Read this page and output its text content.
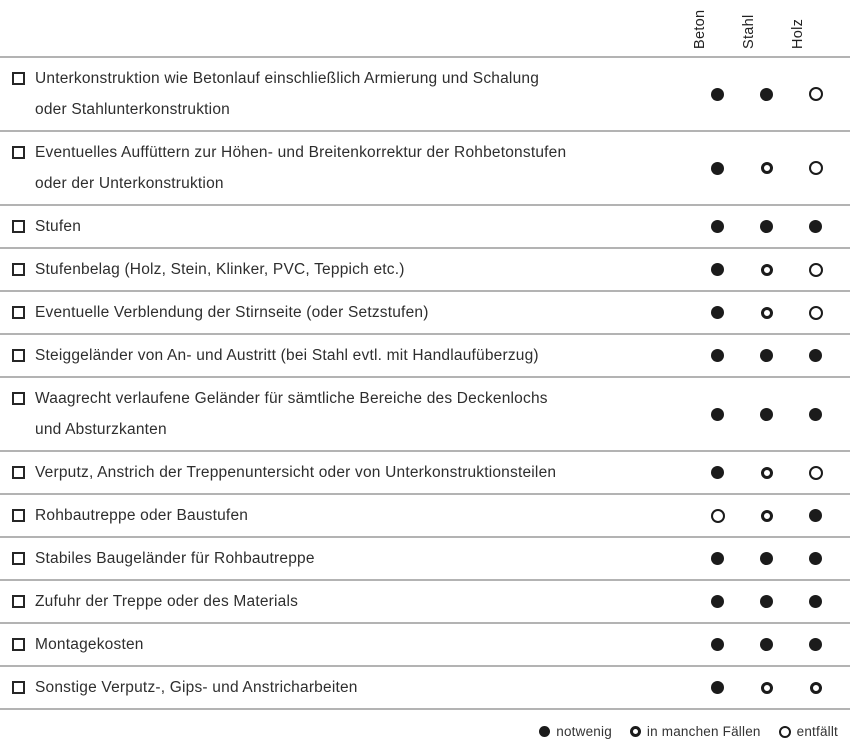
Beton Stahl Holz
Unterkonstruktion wie Betonlauf einschließlich Armierung und Schalung
oder Stahlunterkonstruktion
Eventuelles Auffüttern zur Höhen- und Breitenkorrektur der Rohbetonstufen
oder der Unterkonstruktion
Stufen
Stufenbelag (Holz, Stein, Klinker, PVC, Teppich etc.)
Eventuelle Verblendung der Stirnseite (oder Setzstufen)
Steiggeländer von An- und Austritt (bei Stahl evtl. mit Handlaufüberzug)
Waagrecht verlaufene Geländer für sämtliche Bereiche des Deckenlochs
und Absturzkanten
Verputz, Anstrich der Treppenuntersicht oder von Unterkonstruktionsteilen
Rohbautreppe oder Baustufen
Stabiles Baugeländer für Rohbautreppe
Zufuhr der Treppe oder des Materials
Montagekosten
Sonstige Verputz-, Gips- und Anstricharbeiten
notwenig	in manchen Fällen	entfällt
